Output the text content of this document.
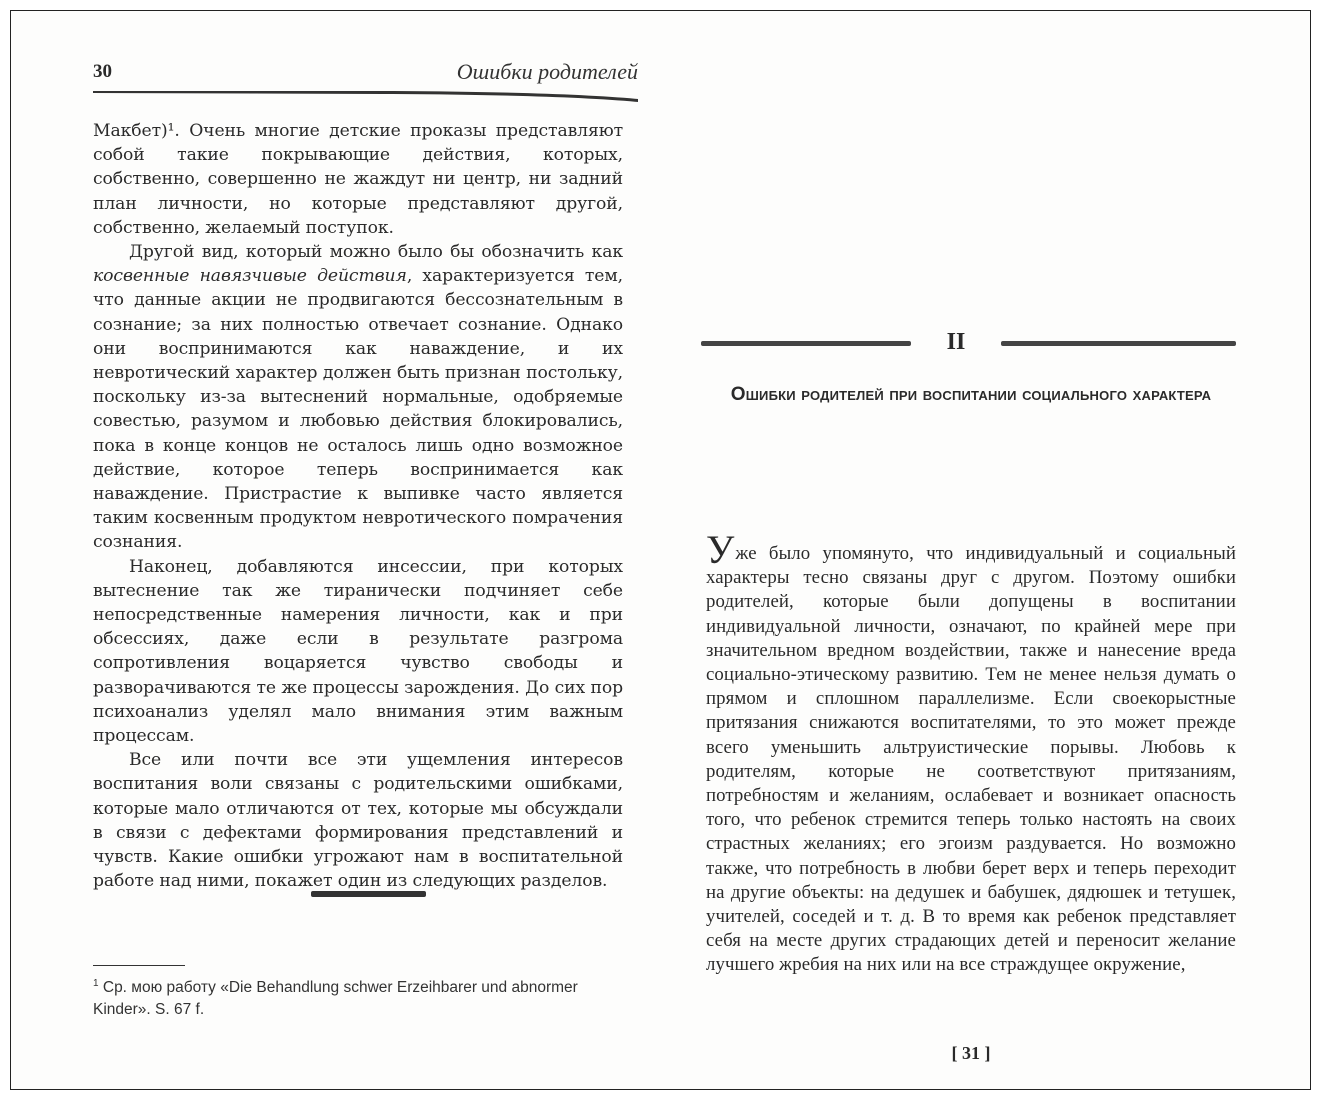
30	Ошибки родителей

Макбет)¹. Очень многие детские проказы представляют собой такие покрывающие действия, которых, собственно, совершенно не жаждут ни центр, ни задний план личности, но которые представляют другой, собственно, желаемый поступок.

Другой вид, который можно было бы обозначить как косвенные навязчивые действия, характеризуется тем, что данные акции не продвигаются бессознательным в сознание; за них полностью отвечает сознание. Однако они воспринимаются как наваждение, и их невротический характер должен быть признан постольку, поскольку из-за вытеснений нормальные, одобряемые совестью, разумом и любовью действия блокировались, пока в конце концов не осталось лишь одно возможное действие, которое теперь воспринимается как наваждение. Пристрастие к выпивке часто является таким косвенным продуктом невротического помрачения сознания.

Наконец, добавляются инсессии, при которых вытеснение так же тиранически подчиняет себе непосредственные намерения личности, как и при обсессиях, даже если в результате разгрома сопротивления воцаряется чувство свободы и разворачиваются те же процессы зарождения. До сих пор психоанализ уделял мало внимания этим важным процессам.

Все или почти все эти ущемления интересов воспитания воли связаны с родительскими ошибками, которые мало отличаются от тех, которые мы обсуждали в связи с дефектами формирования представлений и чувств. Какие ошибки угрожают нам в воспитательной работе над ними, покажет один из следующих разделов.

$^1$ Ср. мою работу «Die Behandlung schwer Erzeihbarer und abnormer Kinder». S. 67 f.
II
Ошибки родителей при воспитании социального характера

Уже было упомянуто, что индивидуальный и социальный характеры тесно связаны друг с другом. Поэтому ошибки родителей, которые были допущены в воспитании индивидуальной личности, означают, по крайней мере при значительном вредном воздействии, также и нанесение вреда социально-этическому развитию. Тем не менее нельзя думать о прямом и сплошном параллелизме. Если своекорыстные притязания снижаются воспитателями, то это может прежде всего уменьшить альтруистические порывы. Любовь к родителям, которые не соответствуют притязаниям, потребностям и желаниям, ослабевает и возникает опасность того, что ребенок стремится теперь только настоять на своих страстных желаниях; его эгоизм раздувается. Но возможно также, что потребность в любви берет верх и теперь переходит на другие объекты: на дедушек и бабушек, дядюшек и тетушек, учителей, соседей и т. д. В то время как ребенок представляет себя на месте других страдающих детей и переносит желание лучшего жребия на них или на все страждущее окружение,

[ 31 ]
